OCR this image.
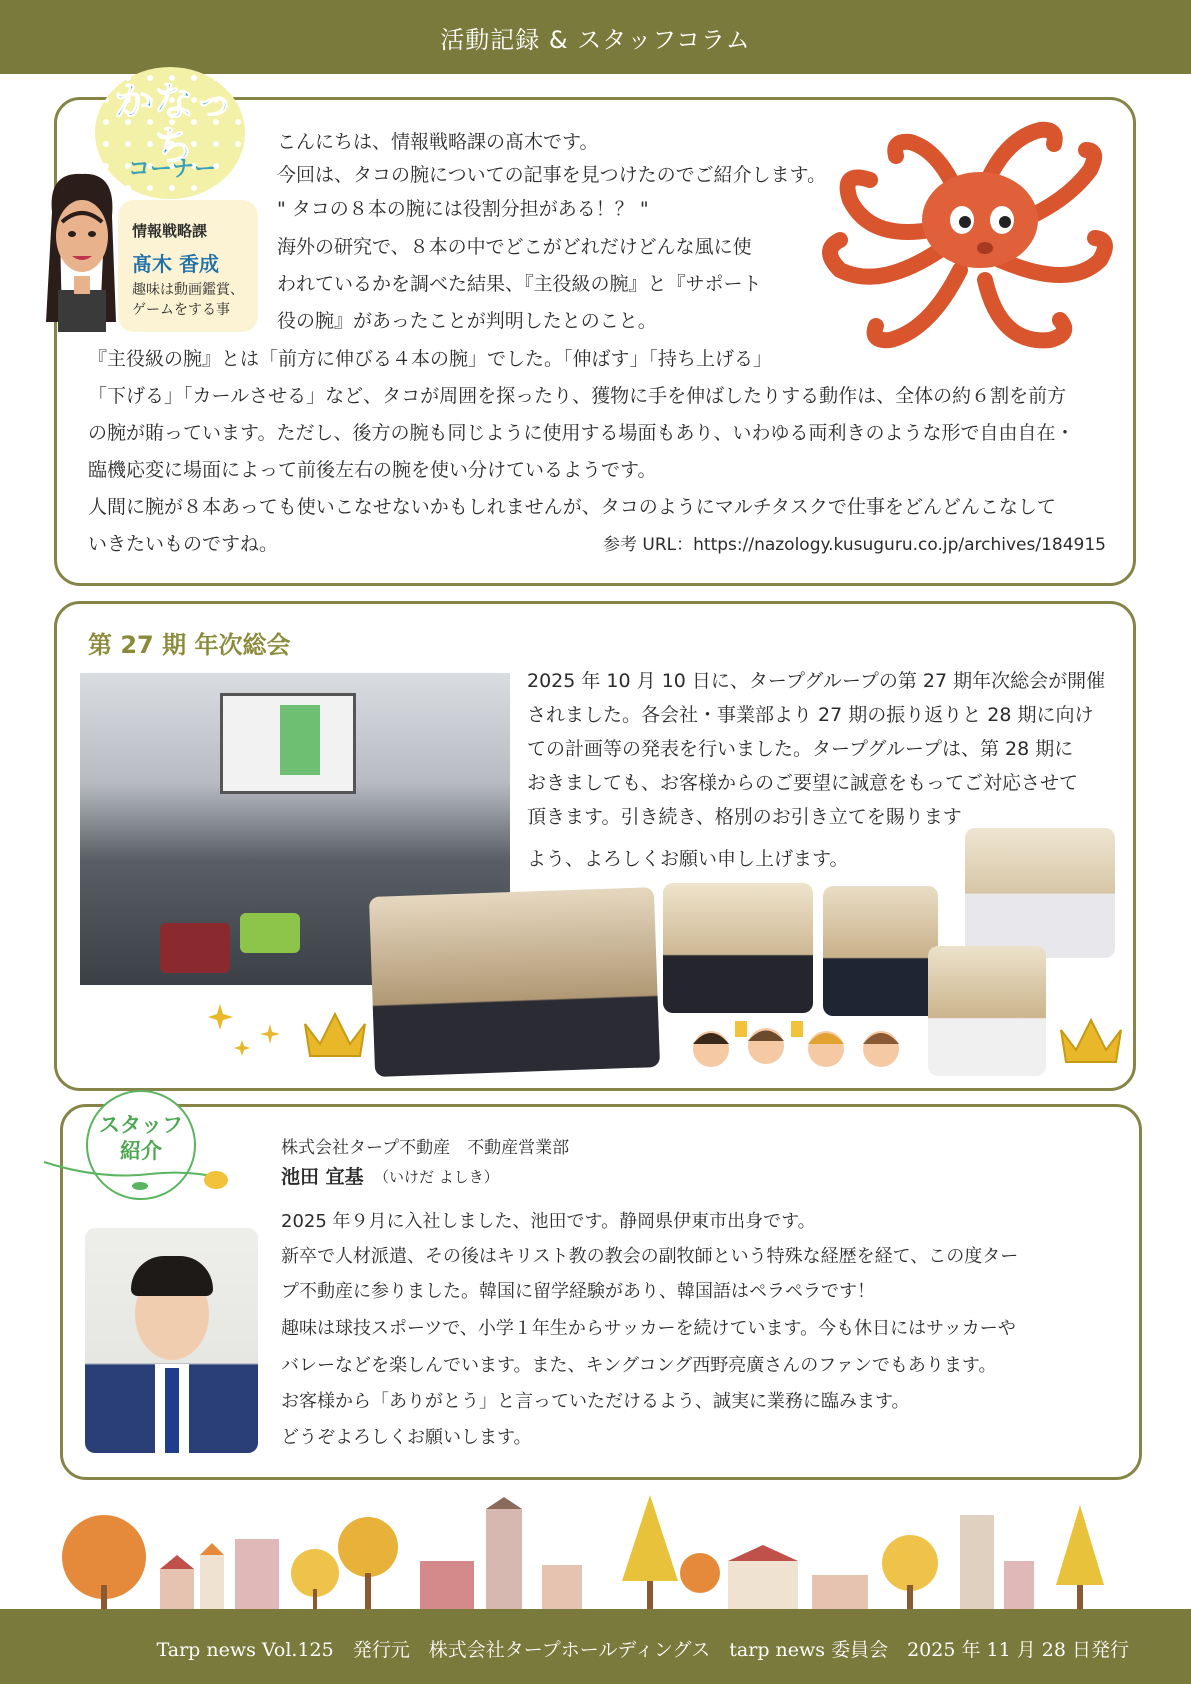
活動記録 & スタッフコラム
かなっち
コーナー
情報戦略課
髙木 香成
趣味は動画鑑賞、
ゲームをする事
こんにちは、情報戦略課の髙木です。
今回は、タコの腕についての記事を見つけたのでご紹介します。
" タコの８本の腕には役割分担がある！？ "
海外の研究で、８本の中でどこがどれだけどんな風に使
われているかを調べた結果、『主役級の腕』と『サポート
役の腕』があったことが判明したとのこと。
『主役級の腕』とは「前方に伸びる４本の腕」でした。「伸ばす」「持ち上げる」
「下げる」「カールさせる」など、タコが周囲を探ったり、獲物に手を伸ばしたりする動作は、全体の約６割を前方
の腕が賄っています。ただし、後方の腕も同じように使用する場面もあり、いわゆる両利きのような形で自由自在・
臨機応変に場面によって前後左右の腕を使い分けているようです。
人間に腕が８本あっても使いこなせないかもしれませんが、タコのようにマルチタスクで仕事をどんどんこなして
いきたいものですね。	参考 URL：https://nazology.kusuguru.co.jp/archives/184915
第 27 期 年次総会
2025 年 10 月 10 日に、タープグループの第 27 期年次総会が開催
されました。各会社・事業部より 27 期の振り返りと 28 期に向け
ての計画等の発表を行いました。タープグループは、第 28 期に
おきましても、お客様からのご要望に誠意をもってご対応させて
頂きます。引き続き、格別のお引き立てを賜ります
よう、よろしくお願い申し上げます。
スタッフ
紹介	株式会社タープ不動産　不動産営業部
池田 宜基 （いけだ よしき）
2025 年９月に入社しました、池田です。静岡県伊東市出身です。
新卒で人材派遣、その後はキリスト教の教会の副牧師という特殊な経歴を経て、この度ター
プ不動産に参りました。韓国に留学経験があり、韓国語はペラペラです！
趣味は球技スポーツで、小学１年生からサッカーを続けています。今も休日にはサッカーや
バレーなどを楽しんでいます。また、キングコング西野亮廣さんのファンでもあります。
お客様から「ありがとう」と言っていただけるよう、誠実に業務に臨みます。
どうぞよろしくお願いします。
Tarp news Vol.125　発行元　株式会社タープホールディングス　tarp news 委員会　2025 年 11 月 28 日発行
